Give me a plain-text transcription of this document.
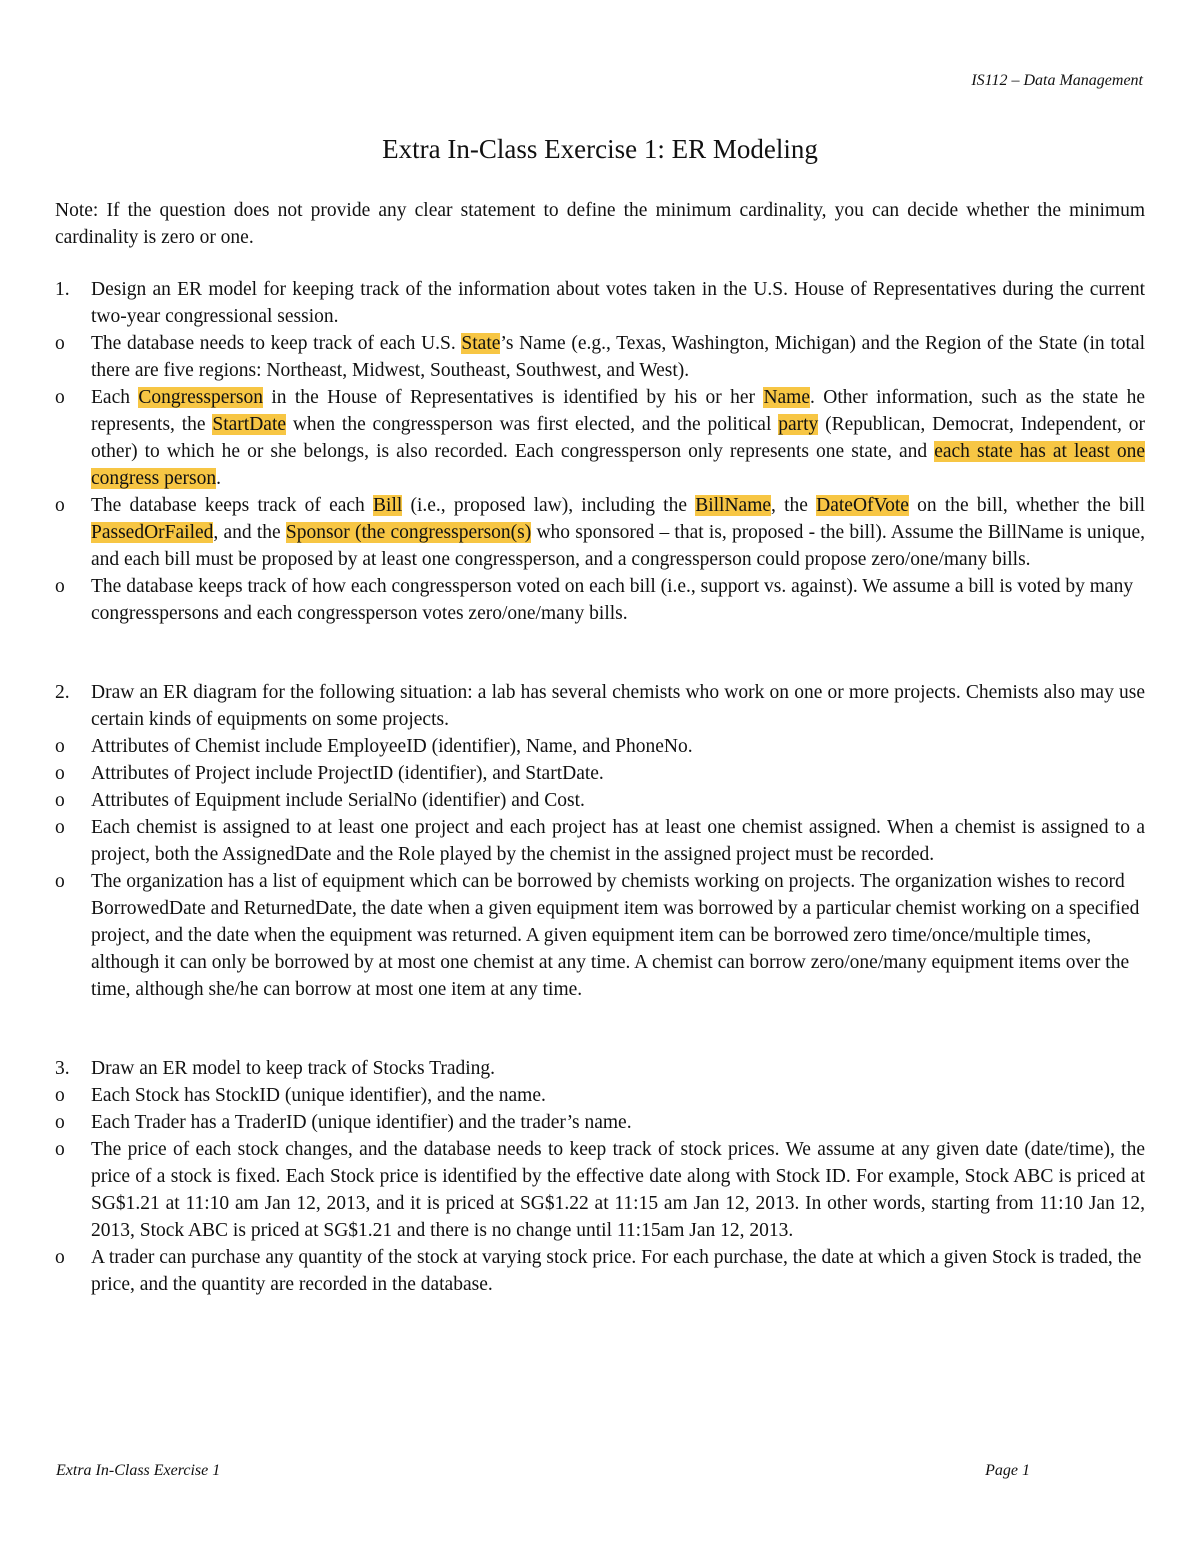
IS112 – Data Management
Extra In-Class Exercise 1: ER Modeling

Note: If the question does not provide any clear statement to define the minimum cardinality, you can decide whether the minimum cardinality is zero or one.

1.	Design an ER model for keeping track of the information about votes taken in the U.S. House of Representatives during the current two-year congressional session.
o	The database needs to keep track of each U.S. State’s Name (e.g., Texas, Washington, Michigan) and the Region of the State (in total there are five regions: Northeast, Midwest, Southeast, Southwest, and West).
o	Each Congressperson in the House of Representatives is identified by his or her Name. Other information, such as the state he represents, the StartDate when the congressperson was first elected, and the political party (Republican, Democrat, Independent, or other) to which he or she belongs, is also recorded. Each congressperson only represents one state, and each state has at least one congress person.
o	The database keeps track of each Bill (i.e., proposed law), including the BillName, the DateOfVote on the bill, whether the bill PassedOrFailed, and the Sponsor (the congressperson(s) who sponsored – that is, proposed - the bill). Assume the BillName is unique, and each bill must be proposed by at least one congressperson, and a congressperson could propose zero/one/many bills.
o	The database keeps track of how each congressperson voted on each bill (i.e., support vs. against). We assume a bill is voted by many congresspersons and each congressperson votes zero/one/many bills.
2.	Draw an ER diagram for the following situation: a lab has several chemists who work on one or more projects. Chemists also may use certain kinds of equipments on some projects.
o	Attributes of Chemist include EmployeeID (identifier), Name, and PhoneNo.
o	Attributes of Project include ProjectID (identifier), and StartDate.
o	Attributes of Equipment include SerialNo (identifier) and Cost.
o	Each chemist is assigned to at least one project and each project has at least one chemist assigned. When a chemist is assigned to a project, both the AssignedDate and the Role played by the chemist in the assigned project must be recorded.
o	The organization has a list of equipment which can be borrowed by chemists working on projects. The organization wishes to record BorrowedDate and ReturnedDate, the date when a given equipment item was borrowed by a particular chemist working on a specified project, and the date when the equipment was returned. A given equipment item can be borrowed zero time/once/multiple times, although it can only be borrowed by at most one chemist at any time. A chemist can borrow zero/one/many equipment items over the time, although she/he can borrow at most one item at any time.
3.	Draw an ER model to keep track of Stocks Trading.
o	Each Stock has StockID (unique identifier), and the name.
o	Each Trader has a TraderID (unique identifier) and the trader’s name.
o	The price of each stock changes, and the database needs to keep track of stock prices. We assume at any given date (date/time), the price of a stock is fixed. Each Stock price is identified by the effective date along with Stock ID. For example, Stock ABC is priced at SG$1.21 at 11:10 am Jan 12, 2013, and it is priced at SG$1.22 at 11:15 am Jan 12, 2013. In other words, starting from 11:10 Jan 12, 2013, Stock ABC is priced at SG$1.21 and there is no change until 11:15am Jan 12, 2013.
o	A trader can purchase any quantity of the stock at varying stock price. For each purchase, the date at which a given Stock is traded, the price, and the quantity are recorded in the database.
Extra In-Class Exercise 1	Page 1
